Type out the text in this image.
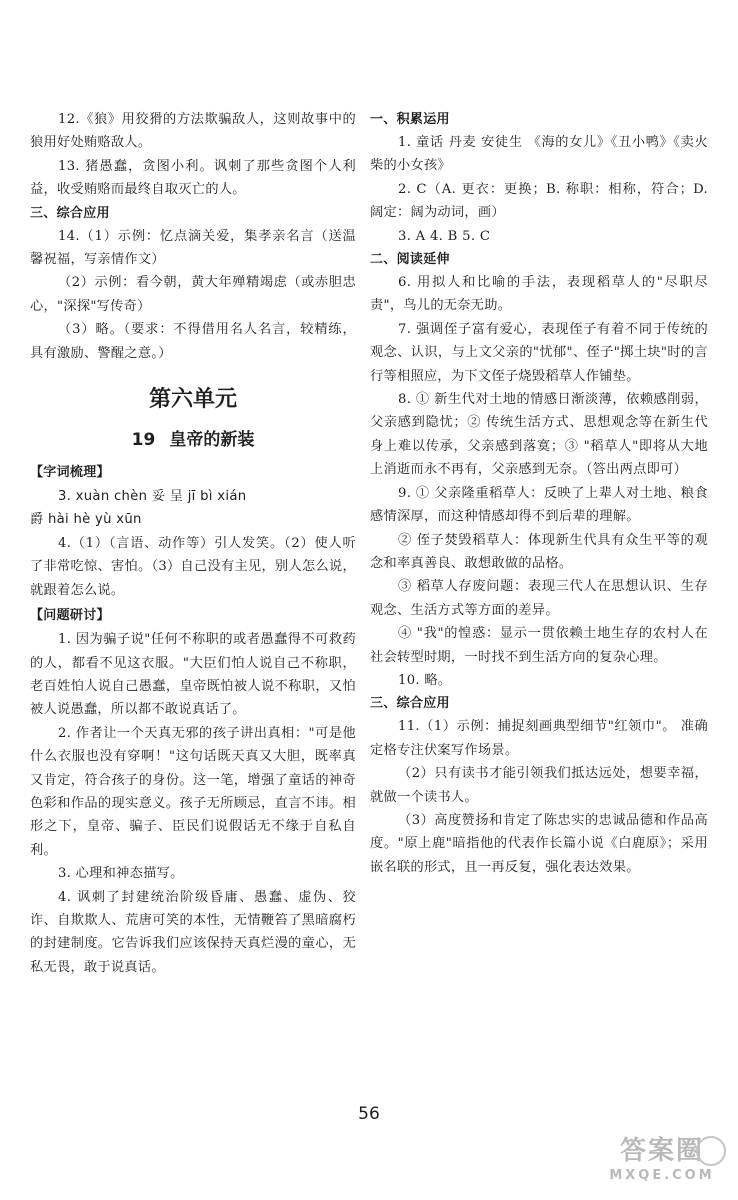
12.《狼》用狡猾的方法欺骗敌人，这则故事中的狼用好处贿赂敌人。

13. 猪愚蠢，贪图小利。讽刺了那些贪图个人利益，收受贿赂而最终自取灭亡的人。

三、综合应用

14.（1）示例：忆点滴关爱，集孝亲名言（送温馨祝福，写亲情作文）

（2）示例：看今朝，黄大年殚精竭虑（或赤胆忠心，"深探"写传奇）

（3）略。（要求：不得借用名人名言，较精练，具有激励、警醒之意。）

第六单元
19 皇帝的新装

【字词梳理】

3. xuàn chèn 妥 呈 jī bì xián

爵 hài hè yù xūn

4.（1）（言语、动作等）引人发笑。（2）使人听了非常吃惊、害怕。（3）自己没有主见，别人怎么说，就跟着怎么说。

【问题研讨】

1. 因为骗子说"任何不称职的或者愚蠢得不可救药的人，都看不见这衣服。"大臣们怕人说自己不称职，老百姓怕人说自己愚蠢，皇帝既怕被人说不称职，又怕被人说愚蠢，所以都不敢说真话了。

2. 作者让一个天真无邪的孩子讲出真相："可是他什么衣服也没有穿啊！"这句话既天真又大胆，既率真又肯定，符合孩子的身份。这一笔，增强了童话的神奇色彩和作品的现实意义。孩子无所顾忌，直言不讳。相形之下，皇帝、骗子、臣民们说假话无不缘于自私自利。

3. 心理和神态描写。

4. 讽刺了封建统治阶级昏庸、愚蠢、虚伪、狡诈、自欺欺人、荒唐可笑的本性，无情鞭笞了黑暗腐朽的封建制度。它告诉我们应该保持天真烂漫的童心，无私无畏，敢于说真话。

一、积累运用

1. 童话 丹麦 安徒生 《海的女儿》《丑小鸭》《卖火柴的小女孩》

2. C（A. 更衣：更换；B. 称职：相称，符合；D. 阔定：阔为动词，画）

3. A 4. B 5. C

二、阅读延伸

6. 用拟人和比喻的手法，表现稻草人的"尽职尽责"，鸟儿的无奈无助。

7. 强调侄子富有爱心，表现侄子有着不同于传统的观念、认识，与上文父亲的"忧郁"、侄子"掷土块"时的言行等相照应，为下文侄子烧毁稻草人作铺垫。

8. ① 新生代对土地的情感日渐淡薄，依赖感削弱，父亲感到隐忧；② 传统生活方式、思想观念等在新生代身上难以传承，父亲感到落寞；③ "稻草人"即将从大地上消逝而永不再有，父亲感到无奈。（答出两点即可）

9. ① 父亲隆重稻草人：反映了上辈人对土地、粮食感情深厚，而这种情感却得不到后辈的理解。

② 侄子焚毁稻草人：体现新生代具有众生平等的观念和率真善良、敢想敢做的品格。

③ 稻草人存废问题：表现三代人在思想认识、生存观念、生活方式等方面的差异。

④ "我"的惶惑：显示一贯依赖土地生存的农村人在社会转型时期，一时找不到生活方向的复杂心理。

10. 略。

三、综合应用

11.（1）示例：捕捉刻画典型细节"红领巾"。 准确定格专注伏案写作场景。

（2）只有读书才能引领我们抵达远处，想要幸福，就做一个读书人。

（3）高度赞扬和肯定了陈忠实的忠诚品德和作品高度。"原上鹿"暗指他的代表作长篇小说《白鹿原》；采用嵌名联的形式，且一再反复，强化表达效果。

56
答案圈
MXQE.COM
